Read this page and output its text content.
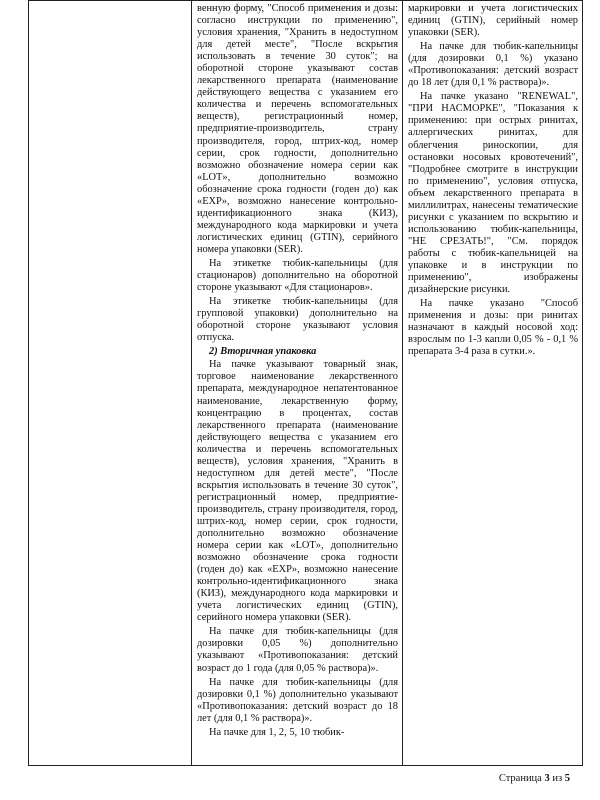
венную форму, "Способ применения и дозы: согласно инструкции по применению", условия хранения, "Хранить в недоступном для детей месте", "После вскрытия использовать в течение 30 суток"; на оборотной стороне указывают состав лекарственного препарата (наименование действующего вещества с указанием его количества и перечень вспомогательных веществ), регистрационный номер, предприятие-производитель, страну производителя, город, штрих-код, номер серии, срок годности, дополнительно возможно обозначение номера серии как «LOT», дополнительно возможно обозначение срока годности (годен до) как «EXP», возможно нанесение контрольно-идентификационного знака (КИЗ), международного кода маркировки и учета логистических единиц (GTIN), серийного номера упаковки (SER).

На этикетке тюбик-капельницы (для стационаров) дополнительно на оборотной стороне указывают «Для стационаров».

На этикетке тюбик-капельницы (для групповой упаковки) дополнительно на оборотной стороне указывают условия отпуска.

2) Вторичная упаковка

На пачке указывают товарный знак, торговое наименование лекарственного препарата, международное непатентованное наименование, лекарственную форму, концентрацию в процентах, состав лекарственного препарата (наименование действующего вещества с указанием его количества и перечень вспомогательных веществ), условия хранения, "Хранить в недоступном для детей месте", "После вскрытия использовать в течение 30 суток", регистрационный номер, предприятие-производитель, страну производителя, город, штрих-код, номер серии, срок годности, дополнительно возможно обозначение номера серии как «LOT», дополнительно возможно обозначение срока годности (годен до) как «EXP», возможно нанесение контрольно-идентификационного знака (КИЗ), международного кода маркировки и учета логистических единиц (GTIN), серийного номера упаковки (SER).

На пачке для тюбик-капельницы (для дозировки 0,05 %) дополнительно указывают «Противопоказания: детский возраст до 1 года (для 0,05 % раствора)».

На пачке для тюбик-капельницы (для дозировки 0,1 %) дополнительно указывают «Противопоказания: детский возраст до 18 лет (для 0,1 % раствора)».

На пачке для 1, 2, 5, 10 тюбик-

маркировки и учета логистических единиц (GTIN), серийный номер упаковки (SER).

На пачке для тюбик-капельницы (для дозировки 0,1 %) указано «Противопоказания: детский возраст до 18 лет (для 0,1 % раствора)».

На пачке указано "RENEWAL", "ПРИ НАСМОРКЕ", "Показания к применению: при острых ринитах, аллергических ринитах, для облегчения риноскопии, для остановки носовых кровотечений", "Подробнее смотрите в инструкции по применению", условия отпуска, объем лекарственного препарата в миллилитрах, нанесены тематические рисунки с указанием по вскрытию и использованию тюбик-капельницы, "НЕ СРЕЗАТЬ!", "См. порядок работы с тюбик-капельницей на упаковке и в инструкции по применению", изображены дизайнерские рисунки.

На пачке указано "Способ применения и дозы: при ринитах назначают в каждый носовой ход: взрослым по 1-3 капли 0,05 % - 0,1 % препарата 3-4 раза в сутки.».

Страница 3 из 5
